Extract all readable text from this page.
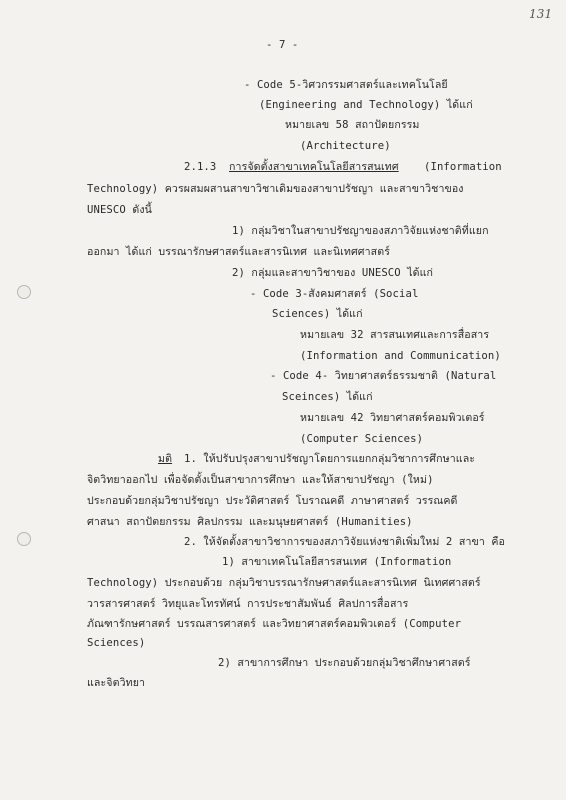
131
- 7 -
- Code 5-วิศวกรรมศาสตร์และเทคโนโลยี
(Engineering and Technology) ได้แก่
หมายเลข 58 สถาปัตยกรรม
(Architecture)
2.1.3 การจัดตั้งสาขาเทคโนโลยีสารสนเทศ (Information
Technology) ควรผสมผสานสาขาวิชาเดิมของสาขาปรัชญา และสาขาวิชาของ
UNESCO ดังนี้
1) กลุ่มวิชาในสาขาปรัชญาของสภาวิจัยแห่งชาติที่แยก
ออกมา ได้แก่ บรรณารักษศาสตร์และสารนิเทศ และนิเทศศาสตร์
2) กลุ่มและสาขาวิชาของ UNESCO ได้แก่
- Code 3-สังคมศาสตร์ (Social
Sciences) ได้แก่
หมายเลข 32 สารสนเทศและการสื่อสาร
(Information and Communication)
- Code 4- วิทยาศาสตร์ธรรมชาติ (Natural
Sceinces) ได้แก่
หมายเลข 42 วิทยาศาสตร์คอมพิวเตอร์
(Computer Sciences)
มติ 1. ให้ปรับปรุงสาขาปรัชญาโดยการแยกกลุ่มวิชาการศึกษาและ
จิตวิทยาออกไป เพื่อจัดตั้งเป็นสาขาการศึกษา และให้สาขาปรัชญา (ใหม่)
ประกอบด้วยกลุ่มวิชาปรัชญา ประวัติศาสตร์ โบราณคดี ภาษาศาสตร์ วรรณคดี
ศาสนา สถาปัตยกรรม ศิลปกรรม และมนุษยศาสตร์ (Humanities)
2. ให้จัดตั้งสาขาวิชาการของสภาวิจัยแห่งชาติเพิ่มใหม่ 2 สาขา คือ
1) สาขาเทคโนโลยีสารสนเทศ (Information
Technology) ประกอบด้วย กลุ่มวิชาบรรณารักษศาสตร์และสารนิเทศ นิเทศศาสตร์
วารสารศาสตร์ วิทยุและโทรทัศน์ การประชาสัมพันธ์ ศิลปการสื่อสาร
ภัณฑารักษศาสตร์ บรรณสารศาสตร์ และวิทยาศาสตร์คอมพิวเตอร์ (Computer
Sciences)
2) สาขาการศึกษา ประกอบด้วยกลุ่มวิชาศึกษาศาสตร์
และจิตวิทยา
